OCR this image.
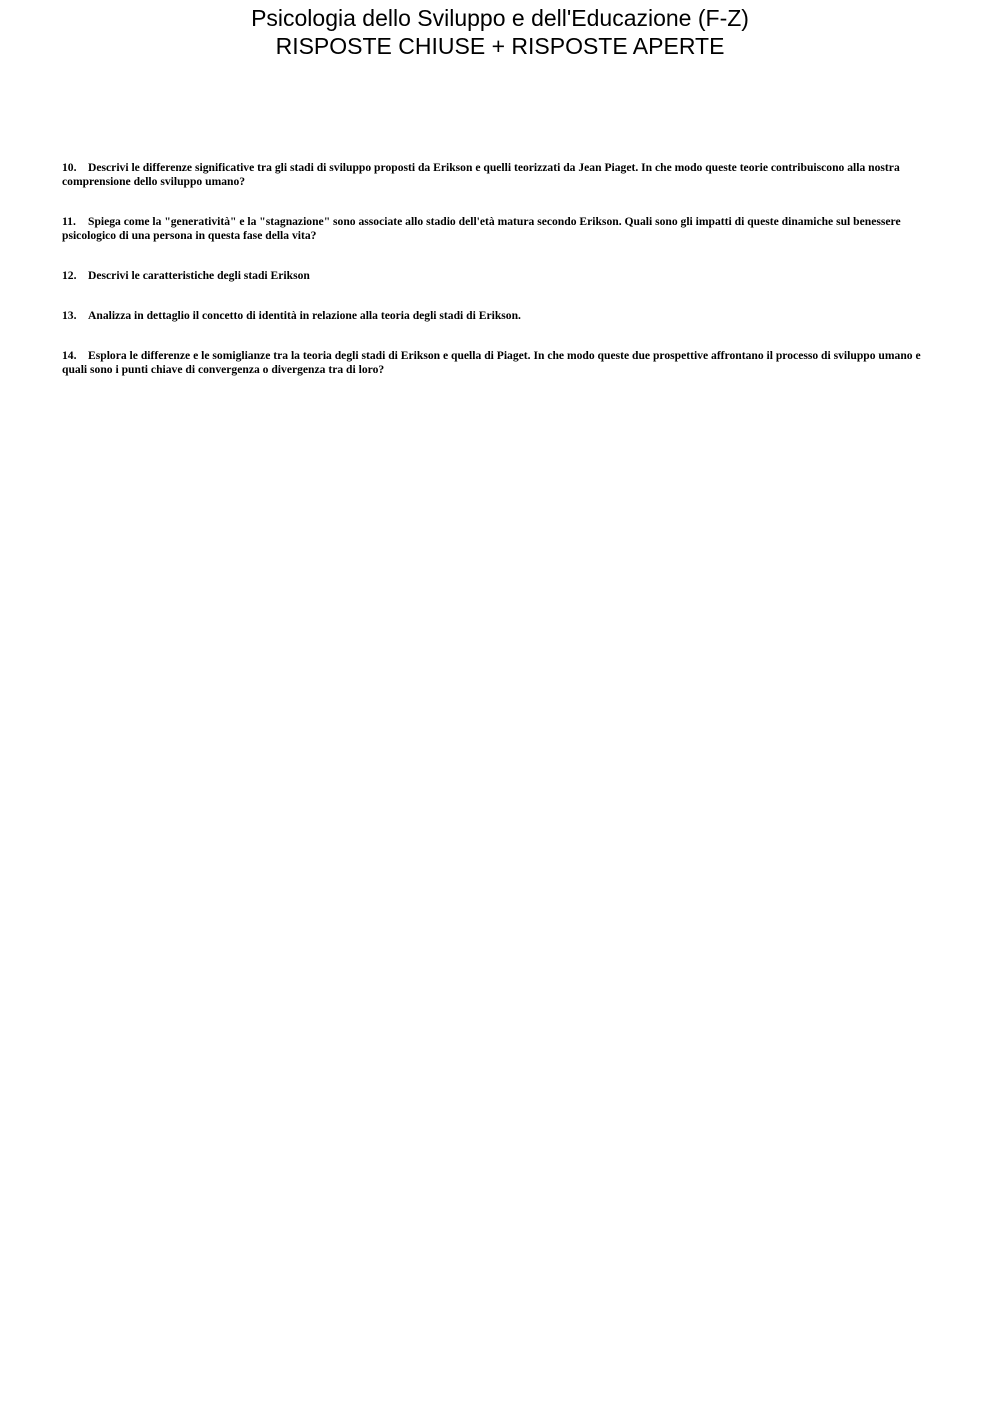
Psicologia dello Sviluppo e dell'Educazione (F-Z)
RISPOSTE CHIUSE + RISPOSTE APERTE

10. Descrivi le differenze significative tra gli stadi di sviluppo proposti da Erikson e quelli teorizzati da Jean Piaget. In che modo queste teorie contribuiscono alla nostra comprensione dello sviluppo umano?

11. Spiega come la "generatività" e la "stagnazione" sono associate allo stadio dell'età matura secondo Erikson. Quali sono gli impatti di queste dinamiche sul benessere psicologico di una persona in questa fase della vita?

12. Descrivi le caratteristiche degli stadi Erikson

13. Analizza in dettaglio il concetto di identità in relazione alla teoria degli stadi di Erikson.

14. Esplora le differenze e le somiglianze tra la teoria degli stadi di Erikson e quella di Piaget. In che modo queste due prospettive affrontano il processo di sviluppo umano e quali sono i punti chiave di convergenza o divergenza tra di loro?
